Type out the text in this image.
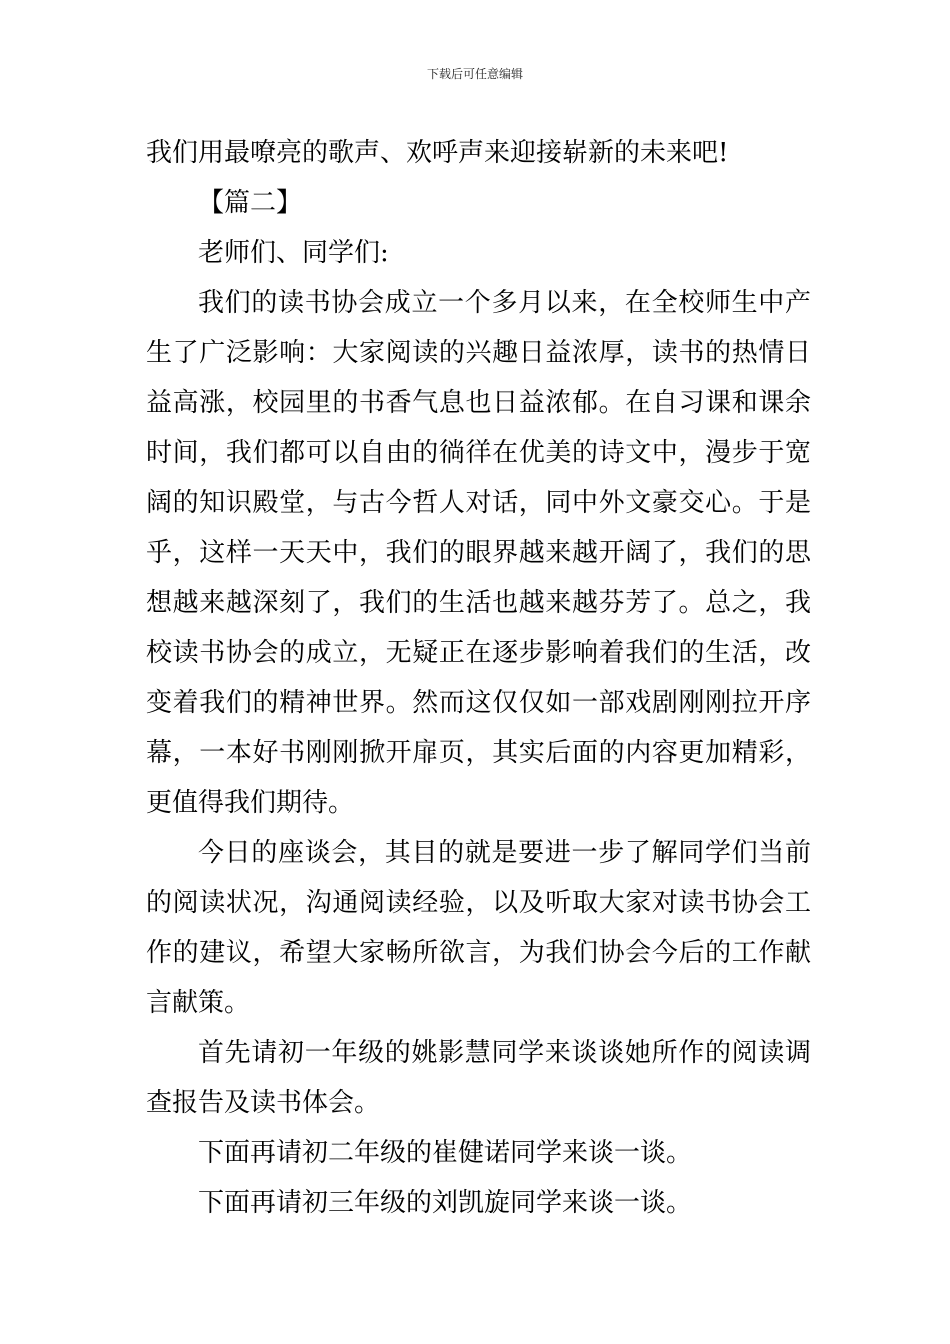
下载后可任意编辑

我们用最嘹亮的歌声、欢呼声来迎接崭新的未来吧!

【篇二】

老师们、同学们:

我们的读书协会成立一个多月以来，在全校师生中产生了广泛影响：大家阅读的兴趣日益浓厚，读书的热情日益高涨，校园里的书香气息也日益浓郁。在自习课和课余时间，我们都可以自由的徜徉在优美的诗文中，漫步于宽阔的知识殿堂，与古今哲人对话，同中外文豪交心。于是乎，这样一天天中，我们的眼界越来越开阔了，我们的思想越来越深刻了，我们的生活也越来越芬芳了。总之，我校读书协会的成立，无疑正在逐步影响着我们的生活，改变着我们的精神世界。然而这仅仅如一部戏剧刚刚拉开序幕，一本好书刚刚掀开扉页，其实后面的内容更加精彩，更值得我们期待。

今日的座谈会，其目的就是要进一步了解同学们当前的阅读状况，沟通阅读经验，以及听取大家对读书协会工作的建议，希望大家畅所欲言，为我们协会今后的工作献言献策。

首先请初一年级的姚影慧同学来谈谈她所作的阅读调查报告及读书体会。

下面再请初二年级的崔健诺同学来谈一谈。

下面再请初三年级的刘凯旋同学来谈一谈。
